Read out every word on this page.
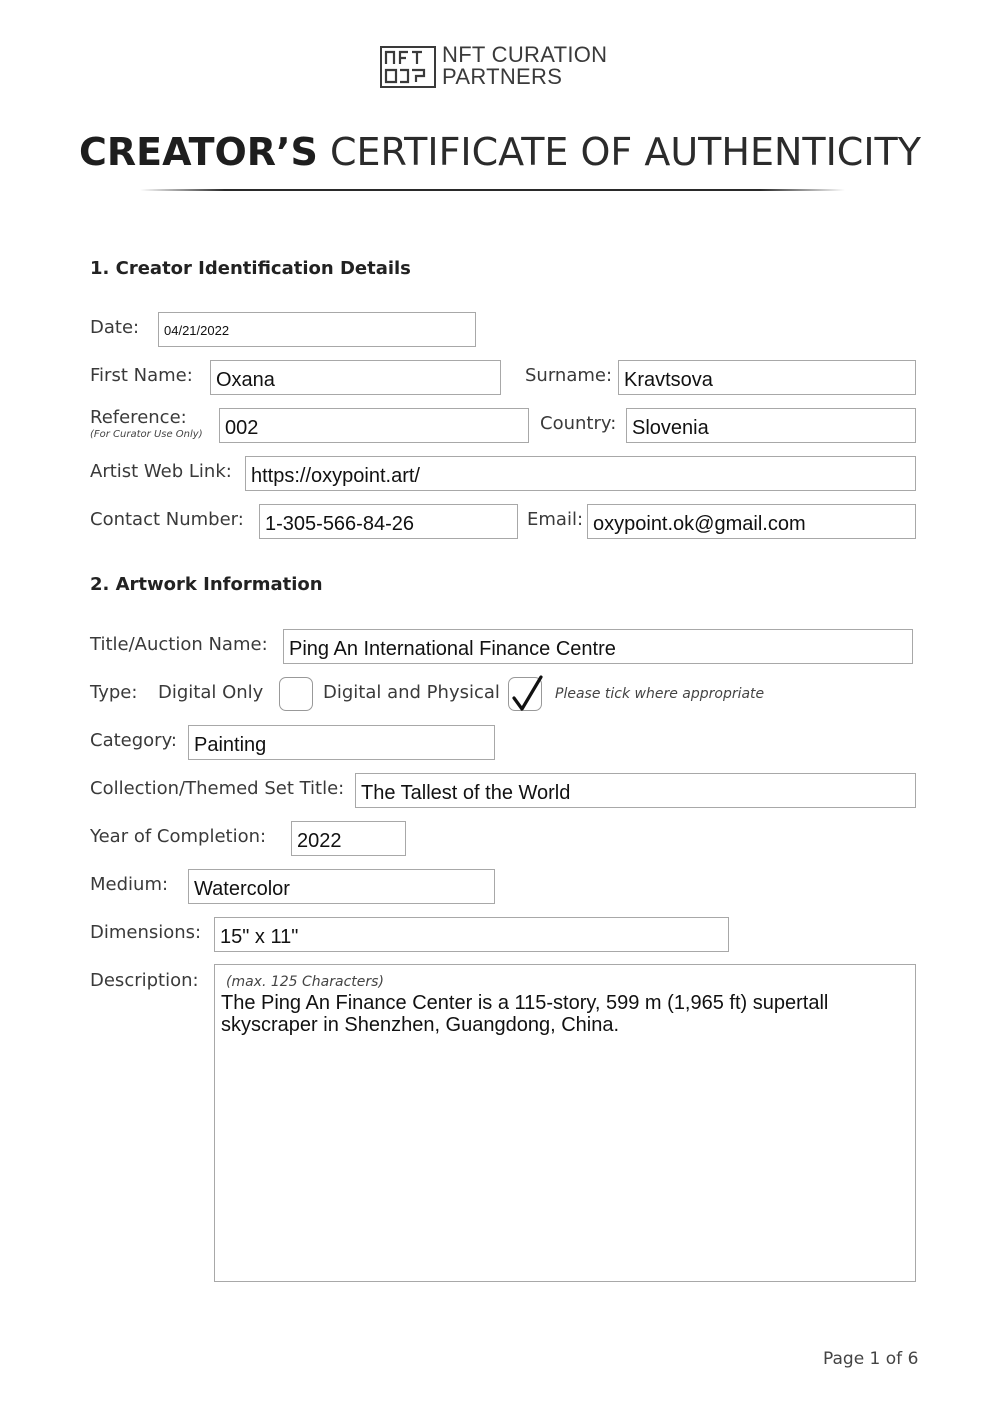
NFT CURATION
PARTNERS
CREATOR’S CERTIFICATE OF AUTHENTICITY
1. Creator Identification Details
Date:	04/21/2022
First Name:	Oxana	Surname: Kravtsova
Reference:
(For Curator Use Only)	002	Country: Slovenia
Artist Web Link: https://oxypoint.art/
Contact Number:	1-305-566-84-26	Email: oxypoint.ok@gmail.com
2. Artwork Information
Title/Auction Name:	Ping An International Finance Centre
Type: Digital Only	Digital and Physical	Please tick where appropriate
Category: Painting
Collection/Themed Set Title: The Tallest of the World
Year of Completion:	2022
Medium:	Watercolor
Dimensions: 15" x 11"
Description: (max. 125 Characters)
The Ping An Finance Center is a 115-story, 599 m (1,965 ft) supertall
skyscraper in Shenzhen, Guangdong, China.
Page 1 of 6
